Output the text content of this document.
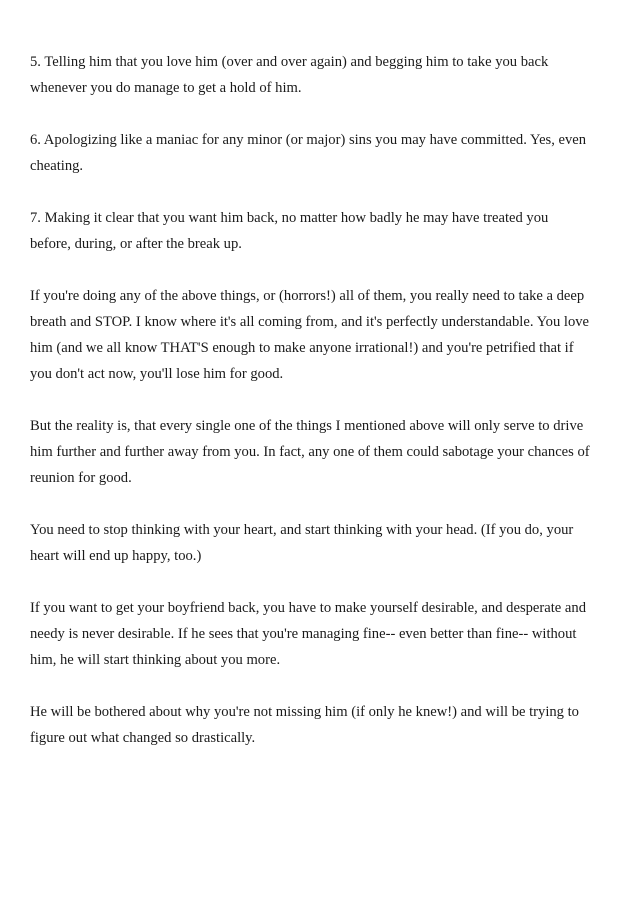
5. Telling him that you love him (over and over again) and begging him to take you back whenever you do manage to get a hold of him.

6. Apologizing like a maniac for any minor (or major) sins you may have committed. Yes, even cheating.

7. Making it clear that you want him back, no matter how badly he may have treated you before, during, or after the break up.

If you're doing any of the above things, or (horrors!) all of them, you really need to take a deep breath and STOP. I know where it's all coming from, and it's perfectly understandable. You love him (and we all know THAT'S enough to make anyone irrational!) and you're petrified that if you don't act now, you'll lose him for good.

But the reality is, that every single one of the things I mentioned above will only serve to drive him further and further away from you. In fact, any one of them could sabotage your chances of reunion for good.

You need to stop thinking with your heart, and start thinking with your head. (If you do, your heart will end up happy, too.)

If you want to get your boyfriend back, you have to make yourself desirable, and desperate and needy is never desirable. If he sees that you're managing fine-- even better than fine-- without him, he will start thinking about you more.

He will be bothered about why you're not missing him (if only he knew!) and will be trying to figure out what changed so drastically.
